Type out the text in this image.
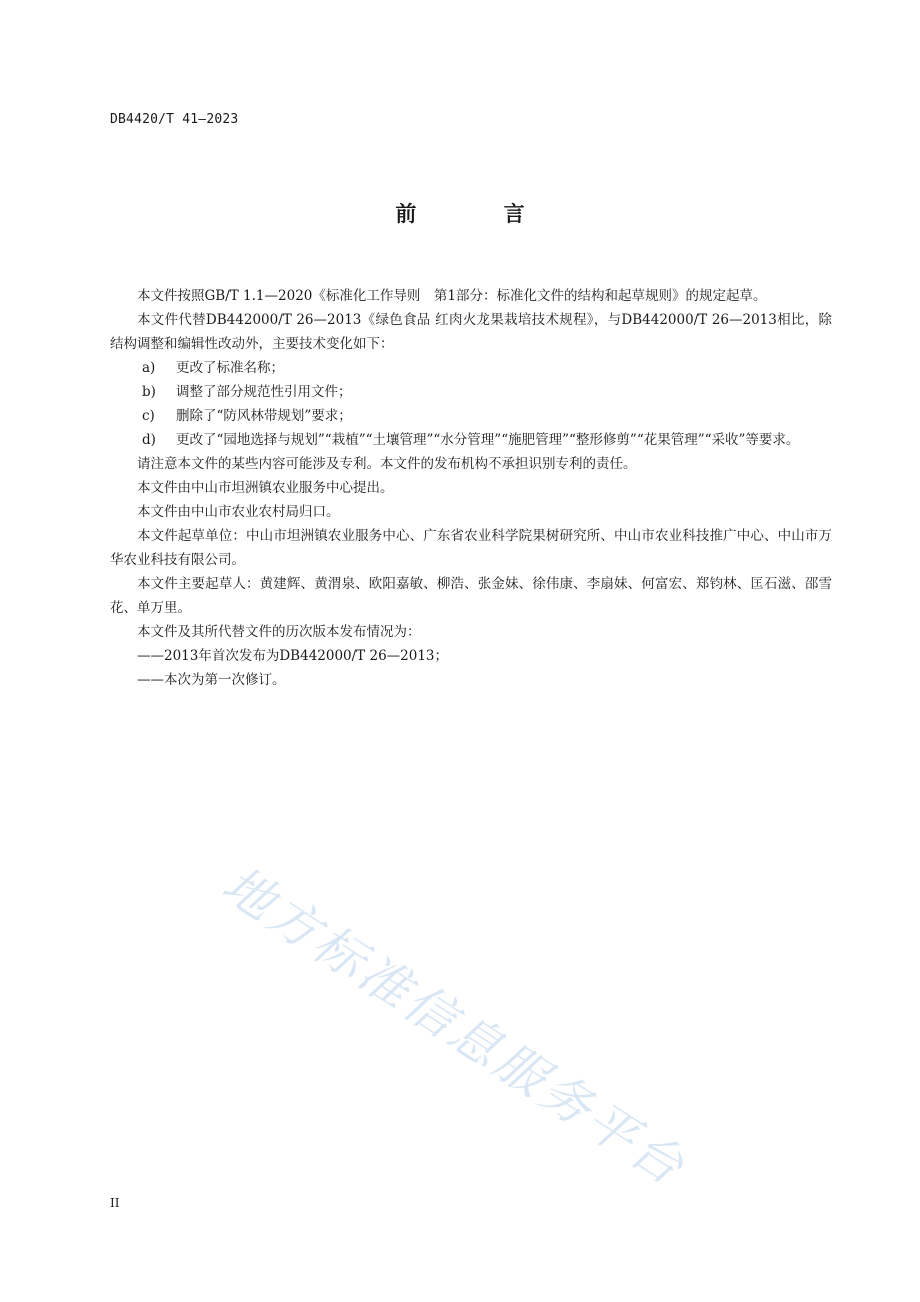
DB4420/T 41—2023
前 言

本文件按照GB/T 1.1—2020《标准化工作导则　第1部分：标准化文件的结构和起草规则》的规定起草。

本文件代替DB442000/T 26—2013《绿色食品 红肉火龙果栽培技术规程》，与DB442000/T 26—2013相比，除结构调整和编辑性改动外，主要技术变化如下：

a)	更改了标准名称；
b)	调整了部分规范性引用文件；
c)	删除了“防风林带规划”要求；
d)	更改了“园地选择与规划”“栽植”“土壤管理”“水分管理”“施肥管理”“整形修剪”“花果管理”“采收”等要求。

请注意本文件的某些内容可能涉及专利。本文件的发布机构不承担识别专利的责任。

本文件由中山市坦洲镇农业服务中心提出。

本文件由中山市农业农村局归口。

本文件起草单位：中山市坦洲镇农业服务中心、广东省农业科学院果树研究所、中山市农业科技推广中心、中山市万华农业科技有限公司。

本文件主要起草人：黄建辉、黄渭泉、欧阳嘉敏、柳浩、张金妹、徐伟康、李扇妹、何富宏、郑钧林、匡石滋、邵雪花、单万里。

本文件及其所代替文件的历次版本发布情况为：

——2013年首次发布为DB442000/T 26—2013；

——本次为第一次修订。

地方标准信息服务平台
II
